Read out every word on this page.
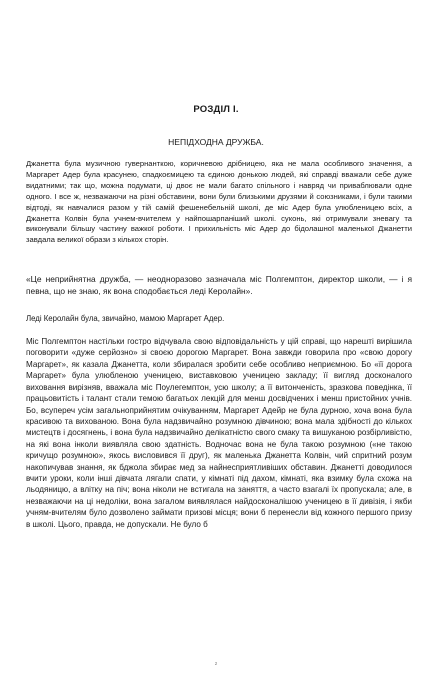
РОЗДІЛ І.
НЕПІДХОДНА ДРУЖБА.

Джанетта була музичною гувернанткою, коричневою дрібницею, яка не мала особливого значення, а Маргарет Адер була красунею, спадкоємицею та єдиною донькою людей, які справді вважали себе дуже видатними; так що, можна подумати, ці двоє не мали багато спільного і навряд чи приваблювали одне одного. І все ж, незважаючи на різні обставини, вони були близькими друзями й союзниками, і були такими відтоді, як навчалися разом у тій самій фешенебельній школі, де міс Адер була улюбленицею всіх, а Джанетта Колвін була учнем-вчителем у найпошарпаніший школі. суконь, які отримували зневагу та виконували більшу частину важкої роботи. І прихильність міс Адер до бідолашної маленької Джанетти завдала великої образи з кількох сторін.

«Це неприйнятна дружба, — неодноразово зазначала міс Полгемптон, директор школи, — і я певна, що не знаю, як вона сподобається леді Керолайн».

Леді Керолайн була, звичайно, мамою Маргарет Адер.

Міс Полгемптон настільки гостро відчувала свою відповідальність у цій справі, що нарешті вирішила поговорити «дуже серйозно» зі своєю дорогою Маргарет. Вона завжди говорила про «свою дорогу Маргарет», як казала Джанетта, коли збиралася зробити себе особливо неприємною. Бо «її дорога Маргарет» була улюбленою ученицею, виставковою ученицею закладу; її вигляд досконалого виховання вирізняв, вважала міс Поулегемптон, усю школу; а її витонченість, зразкова поведінка, її працьовитість і талант стали темою багатьох лекцій для менш досвідчених і менш пристойних учнів. Бо, всупереч усім загальноприйнятим очікуванням, Маргарет Адейр не була дурною, хоча вона була красивою та вихованою. Вона була надзвичайно розумною дівчиною; вона мала здібності до кількох мистецтв і досягнень, і вона була надзвичайно делікатністю свого смаку та вишуканою розбірливістю, на які вона інколи виявляла свою здатність. Водночас вона не була такою розумною («не такою кричущо розумною», якось висловився її друг), як маленька Джанетта Колвін, чий спритний розум накопичував знання, як бджола збирає мед за найнесприятливіших обставин. Джанетті доводилося вчити уроки, коли інші дівчата лягали спати, у кімнаті під дахом, кімнаті, яка взимку була схожа на льодяницю, а влітку на піч; вона ніколи не встигала на заняття, а часто взагалі їх пропускала; але, в незважаючи на ці недоліки, вона загалом виявлялася найдосконалішою ученицею в її дивізія, і якби учням-вчителям було дозволено займати призові місця; вони б перенесли від кожного першого призу в школі. Цього, правда, не допускали. Не було б

2
